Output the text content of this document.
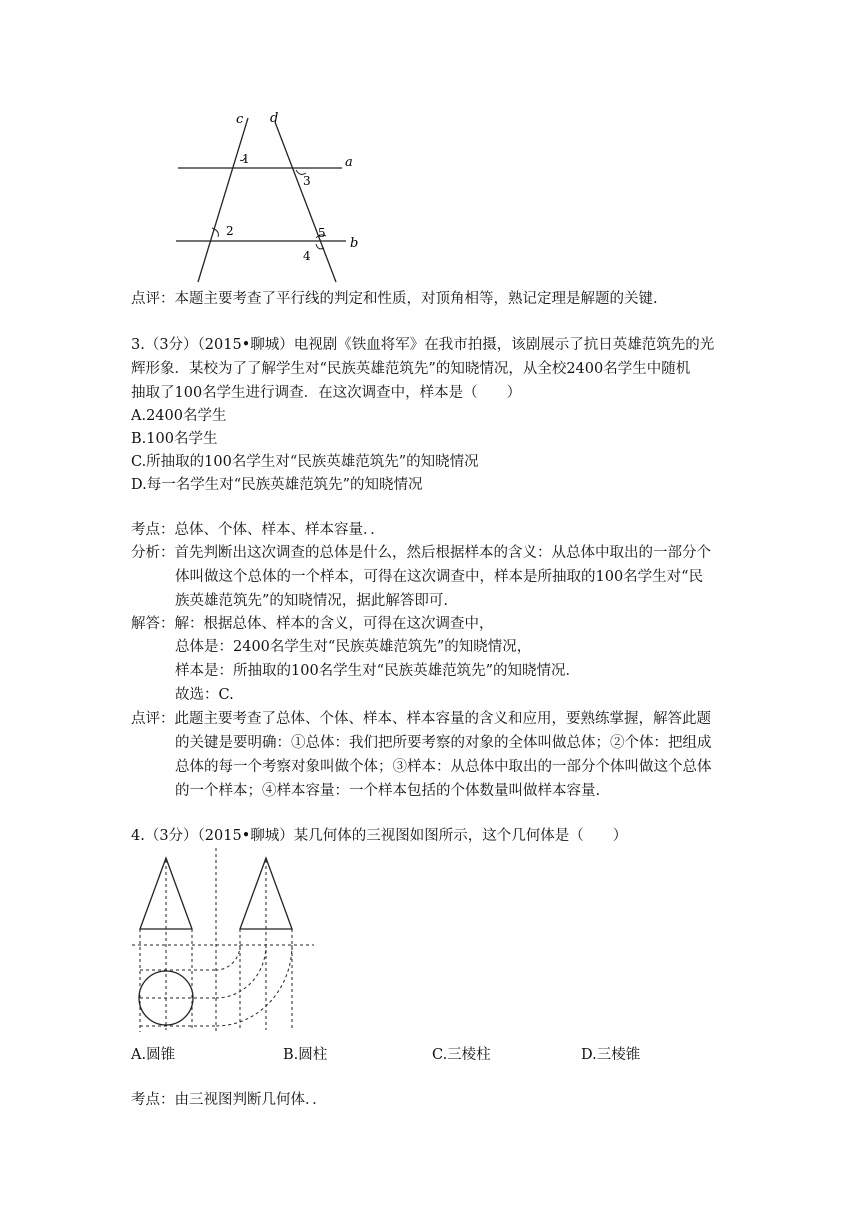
c d
a
b
1
2
3
4
5
点评：本题主要考查了平行线的判定和性质，对顶角相等，熟记定理是解题的关键.
3.（3分）（2015•聊城）电视剧《铁血将军》在我市拍摄，该剧展示了抗日英雄范筑先的光
辉形象．某校为了了解学生对“民族英雄范筑先”的知晓情况，从全校2400名学生中随机
抽取了100名学生进行调查．在这次调查中，样本是（　　）
A.2400名学生
B.100名学生
C.所抽取的100名学生对“民族英雄范筑先”的知晓情况
D.每一名学生对“民族英雄范筑先”的知晓情况
考点：总体、个体、样本、样本容量．．
分析：首先判断出这次调查的总体是什么，然后根据样本的含义：从总体中取出的一部分个
体叫做这个总体的一个样本，可得在这次调查中，样本是所抽取的100名学生对“民
族英雄范筑先”的知晓情况，据此解答即可.
解答：解：根据总体、样本的含义，可得在这次调查中，
总体是：2400名学生对“民族英雄范筑先”的知晓情况，
样本是：所抽取的100名学生对“民族英雄范筑先”的知晓情况．
故选：C.
点评：此题主要考查了总体、个体、样本、样本容量的含义和应用，要熟练掌握，解答此题
的关键是要明确：①总体：我们把所要考察的对象的全体叫做总体；②个体：把组成
总体的每一个考察对象叫做个体；③样本：从总体中取出的一部分个体叫做这个总体
的一个样本；④样本容量：一个样本包括的个体数量叫做样本容量.
4.（3分）（2015•聊城）某几何体的三视图如图所示，这个几何体是（　　）
A.圆锥	B.圆柱	C.三棱柱	D.三棱锥
考点：由三视图判断几何体．．
